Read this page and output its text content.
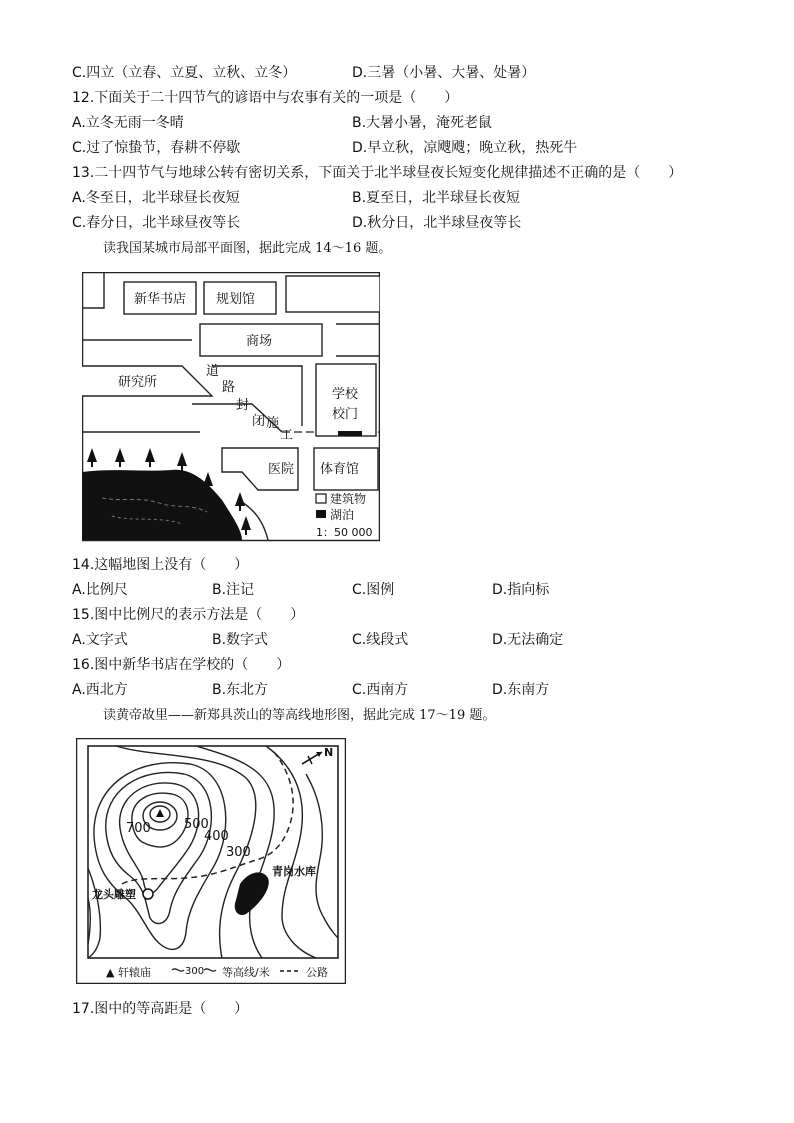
C.四立（立春、立夏、立秋、立冬）	D.三暑（小暑、大暑、处暑）
12.下面关于二十四节气的谚语中与农事有关的一项是（　　）
A.立冬无雨一冬晴	B.大暑小暑，淹死老鼠
C.过了惊蛰节，春耕不停歇	D.早立秋，凉飕飕；晚立秋，热死牛
13.二十四节气与地球公转有密切关系，下面关于北半球昼夜长短变化规律描述不正确的是（　　）
A.冬至日，北半球昼长夜短	B.夏至日，北半球昼长夜短
C.春分日，北半球昼夜等长	D.秋分日，北半球昼夜等长
读我国某城市局部平面图，据此完成 14～16 题。
新华书店 规划馆
商场
研究所
道
路
封
闭 施
工
学校
校门
医院 体育馆
建筑物
湖泊
1：50 000
14.这幅地图上没有（　　）
A.比例尺	B.注记	C.图例	D.指向标
15.图中比例尺的表示方法是（　　）
A.文字式	B.数字式	C.线段式	D.无法确定
16.图中新华书店在学校的（　　）
A.西北方	B.东北方	C.西南方	D.东南方
读黄帝故里——新郑具茨山的等高线地形图，据此完成 17～19 题。
N
700	500
400
300
青岗水库
龙头雕塑
▲ 轩辕庙	300 等高线/米	公路
17.图中的等高距是（　　）
